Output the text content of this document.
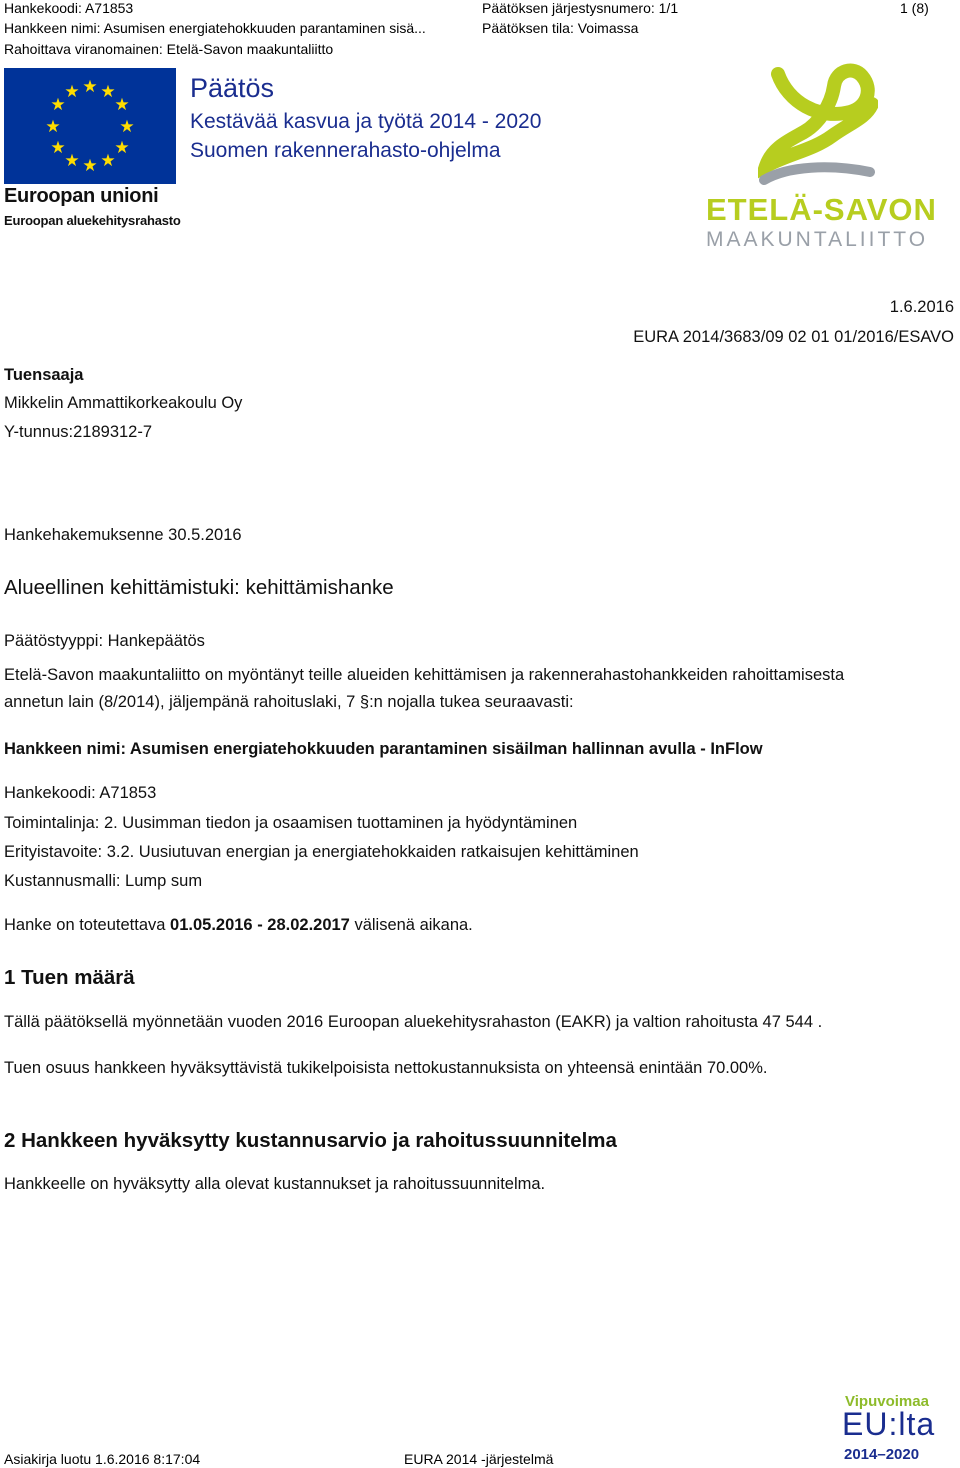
Hankekoodi: A71853
Hankkeen nimi: Asumisen energiatehokkuuden parantaminen sisä...
Rahoittava viranomainen: Etelä-Savon maakuntaliitto
Päätöksen järjestysnumero: 1/1
Päätöksen tila: Voimassa
1 (8)
★ ★
★
★
★
★
★
★
★
★
★
★
Euroopan unioni
Euroopan aluekehitysrahasto
Päätös
Kestävää kasvua ja työtä 2014 - 2020
Suomen rakennerahasto-ohjelma
ETELÄ-SAVON
MAAKUNTALIITTO
1.6.2016
EURA 2014/3683/09 02 01 01/2016/ESAVO
Tuensaaja
Mikkelin Ammattikorkeakoulu Oy
Y-tunnus:2189312-7
Hankehakemuksenne 30.5.2016
Alueellinen kehittämistuki: kehittämishanke
Päätöstyyppi: Hankepäätös
Etelä-Savon maakuntaliitto on myöntänyt teille alueiden kehittämisen ja rakennerahastohankkeiden rahoittamisesta
annetun lain (8/2014), jäljempänä rahoituslaki, 7 §:n nojalla tukea seuraavasti:
Hankkeen nimi: Asumisen energiatehokkuuden parantaminen sisäilman hallinnan avulla - InFlow
Hankekoodi: A71853
Toimintalinja: 2. Uusimman tiedon ja osaamisen tuottaminen ja hyödyntäminen
Erityistavoite: 3.2. Uusiutuvan energian ja energiatehokkaiden ratkaisujen kehittäminen
Kustannusmalli: Lump sum
Hanke on toteutettava 01.05.2016 - 28.02.2017 välisenä aikana.
1 Tuen määrä
Tällä päätöksellä myönnetään vuoden 2016 Euroopan aluekehitysrahaston (EAKR) ja valtion rahoitusta 47 544 .
Tuen osuus hankkeen hyväksyttävistä tukikelpoisista nettokustannuksista on yhteensä enintään 70.00%.
2 Hankkeen hyväksytty kustannusarvio ja rahoitussuunnitelma
Hankkeelle on hyväksytty alla olevat kustannukset ja rahoitussuunnitelma.
Vipuvoimaa
EU:lta
2014–2020
Asiakirja luotu 1.6.2016 8:17:04	EURA 2014 -järjestelmä
